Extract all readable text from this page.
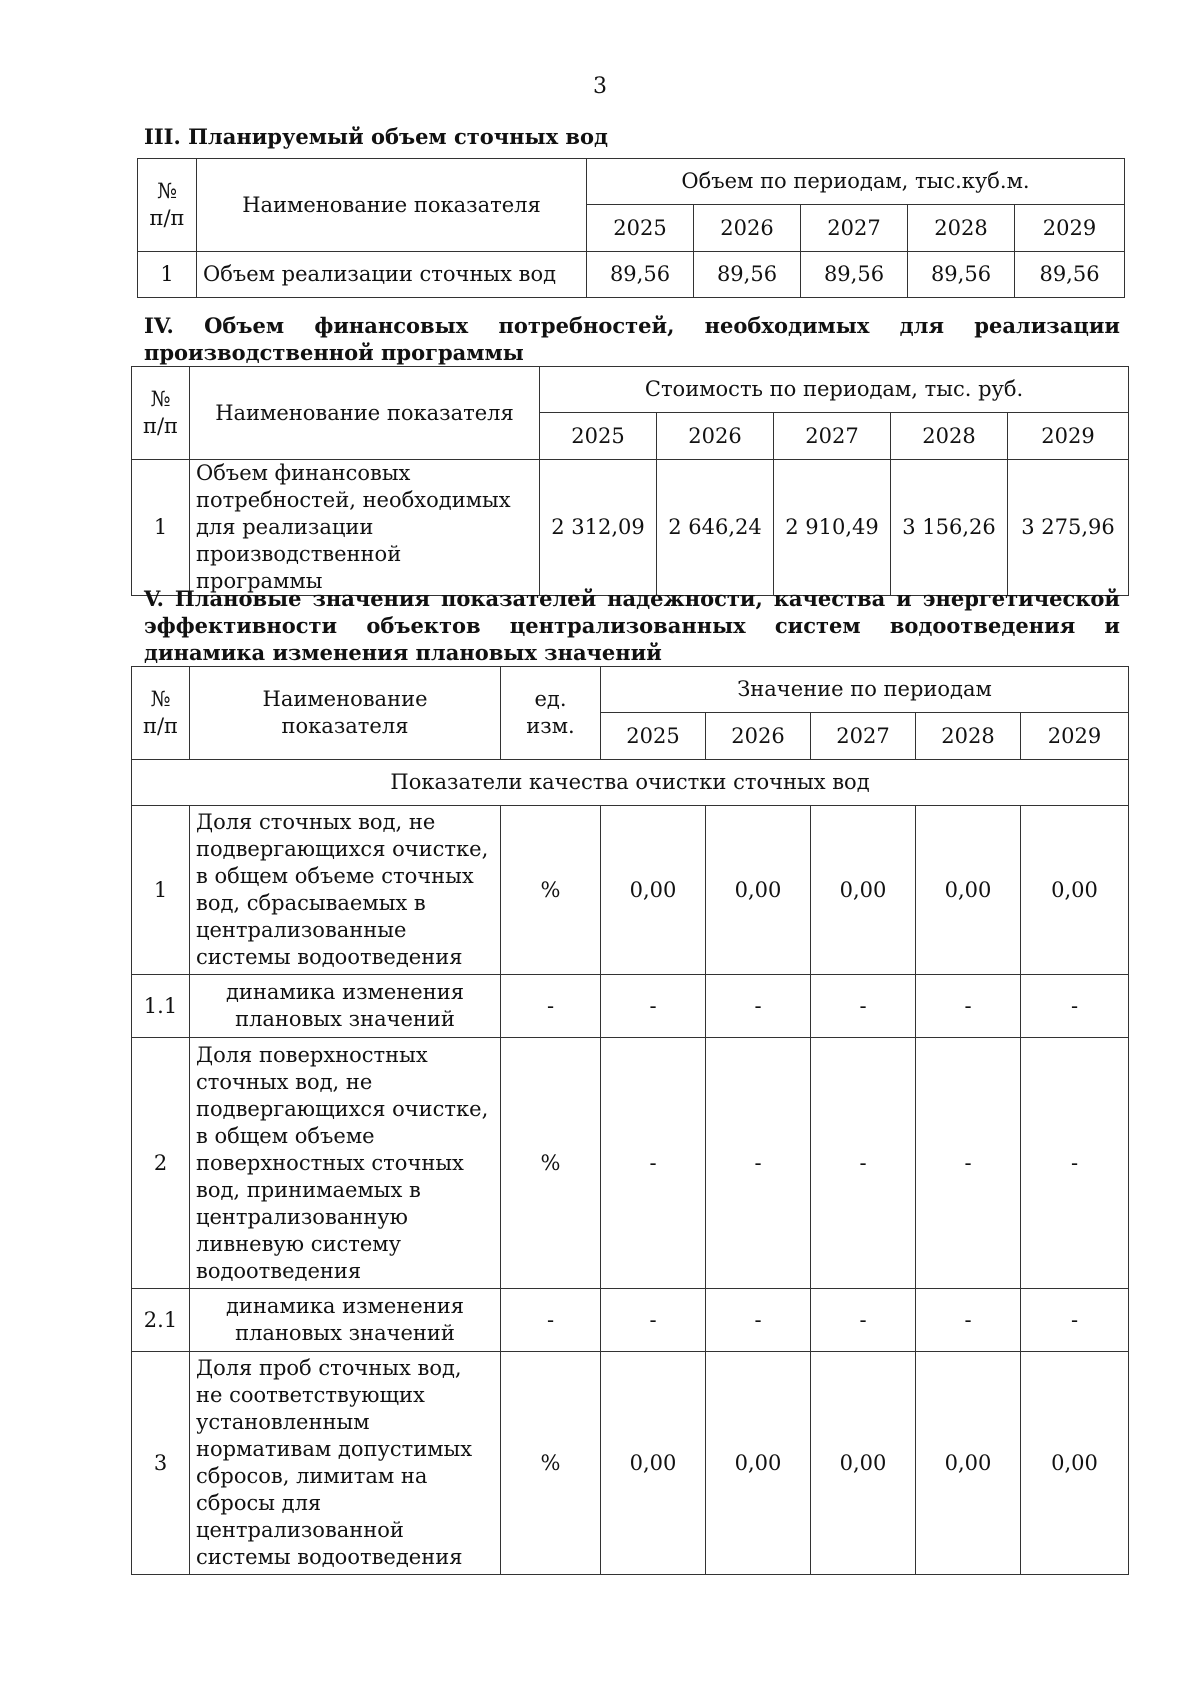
3
III. Планируемый объем сточных вод
№ п/п	Наименование показателя	Объем по периодам, тыс.куб.м.				
		2025	2026	2027	2028	2029
1	Объем реализации сточных вод	89,56	89,56	89,56	89,56	89,56
IV. Объем финансовых потребностей, необходимых для реализации производственной программы
№ п/п	Наименование показателя	Стоимость по периодам, тыс. руб.				
		2025	2026	2027	2028	2029
1	Объем финансовых потребностей, необходимых для реализации производственной программы	2 312,09	2 646,24	2 910,49	3 156,26	3 275,96
V. Плановые значения показателей надежности, качества и энергетической эффективности объектов централизованных систем водоотведения и динамика изменения плановых значений
№ п/п	Наименование показателя	ед. изм.	Значение по периодам				
			2025	2026	2027	2028	2029
Показатели качества очистки сточных вод							
1	Доля сточных вод, не подвергающихся очистке, в общем объеме сточных вод, сбрасываемых в централизованные системы водоотведения	%	0,00	0,00	0,00	0,00	0,00
1.1	динамика изменения плановых значений	-	-	-	-	-	-
2	Доля поверхностных сточных вод, не подвергающихся очистке, в общем объеме поверхностных сточных вод, принимаемых в централизованную ливневую систему водоотведения	%	-	-	-	-	-
2.1	динамика изменения плановых значений	-	-	-	-	-	-
3	Доля проб сточных вод, не соответствующих установленным нормативам допустимых сбросов, лимитам на сбросы для централизованной системы водоотведения	%	0,00	0,00	0,00	0,00	0,00
